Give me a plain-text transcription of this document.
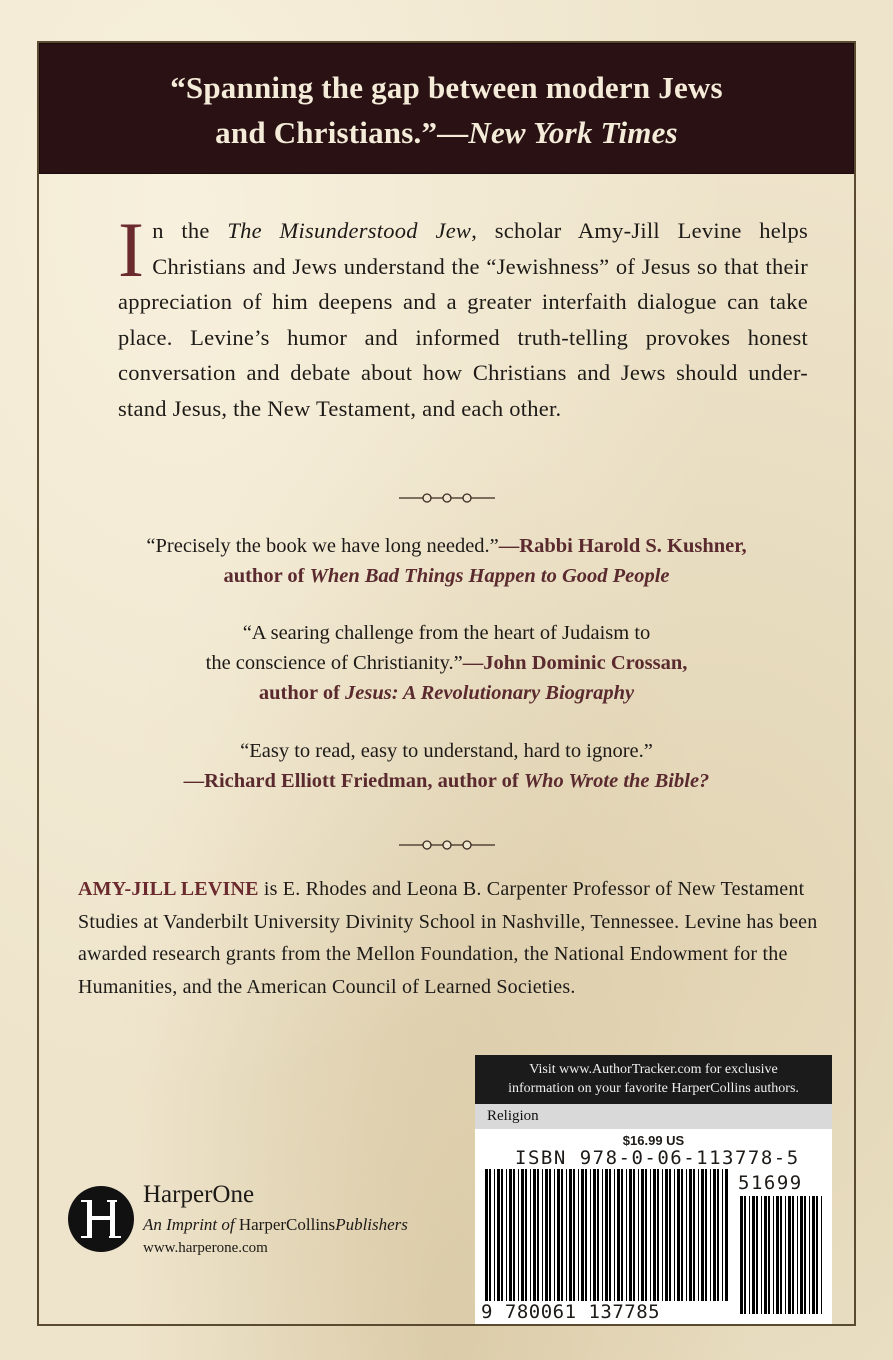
“Spanning the gap between modern Jews
and Christians.”—New York Times
In the The Misunderstood Jew, scholar Amy-Jill Levine helps Christians and Jews understand the “Jewishness” of Jesus so that their appreciation of him deepens and a greater interfaith dialogue can take place. Levine’s humor and informed truth-telling provokes honest conversation and debate about how Christians and Jews should under-stand Jesus, the New Testament, and each other.
“Precisely the book we have long needed.”—Rabbi Harold S. Kushner,
author of When Bad Things Happen to Good People
“A searing challenge from the heart of Judaism to
the conscience of Christianity.”—John Dominic Crossan,
author of Jesus: A Revolutionary Biography
“Easy to read, easy to understand, hard to ignore.”
—Richard Elliott Friedman, author of Who Wrote the Bible?
AMY-JILL LEVINE is E. Rhodes and Leona B. Carpenter Professor of New Testament Studies at Vanderbilt University Divinity School in Nashville, Tennessee. Levine has been awarded research grants from the Mellon Foundation, the National Endowment for the Humanities, and the American Council of Learned Societies.
Visit www.AuthorTracker.com for exclusive
information on your favorite HarperCollins authors.
Religion
$16.99 US
ISBN 978-0-06-113778-5
51699
9 780061 137785
HarperOne
An Imprint of HarperCollinsPublishers
www.harperone.com
